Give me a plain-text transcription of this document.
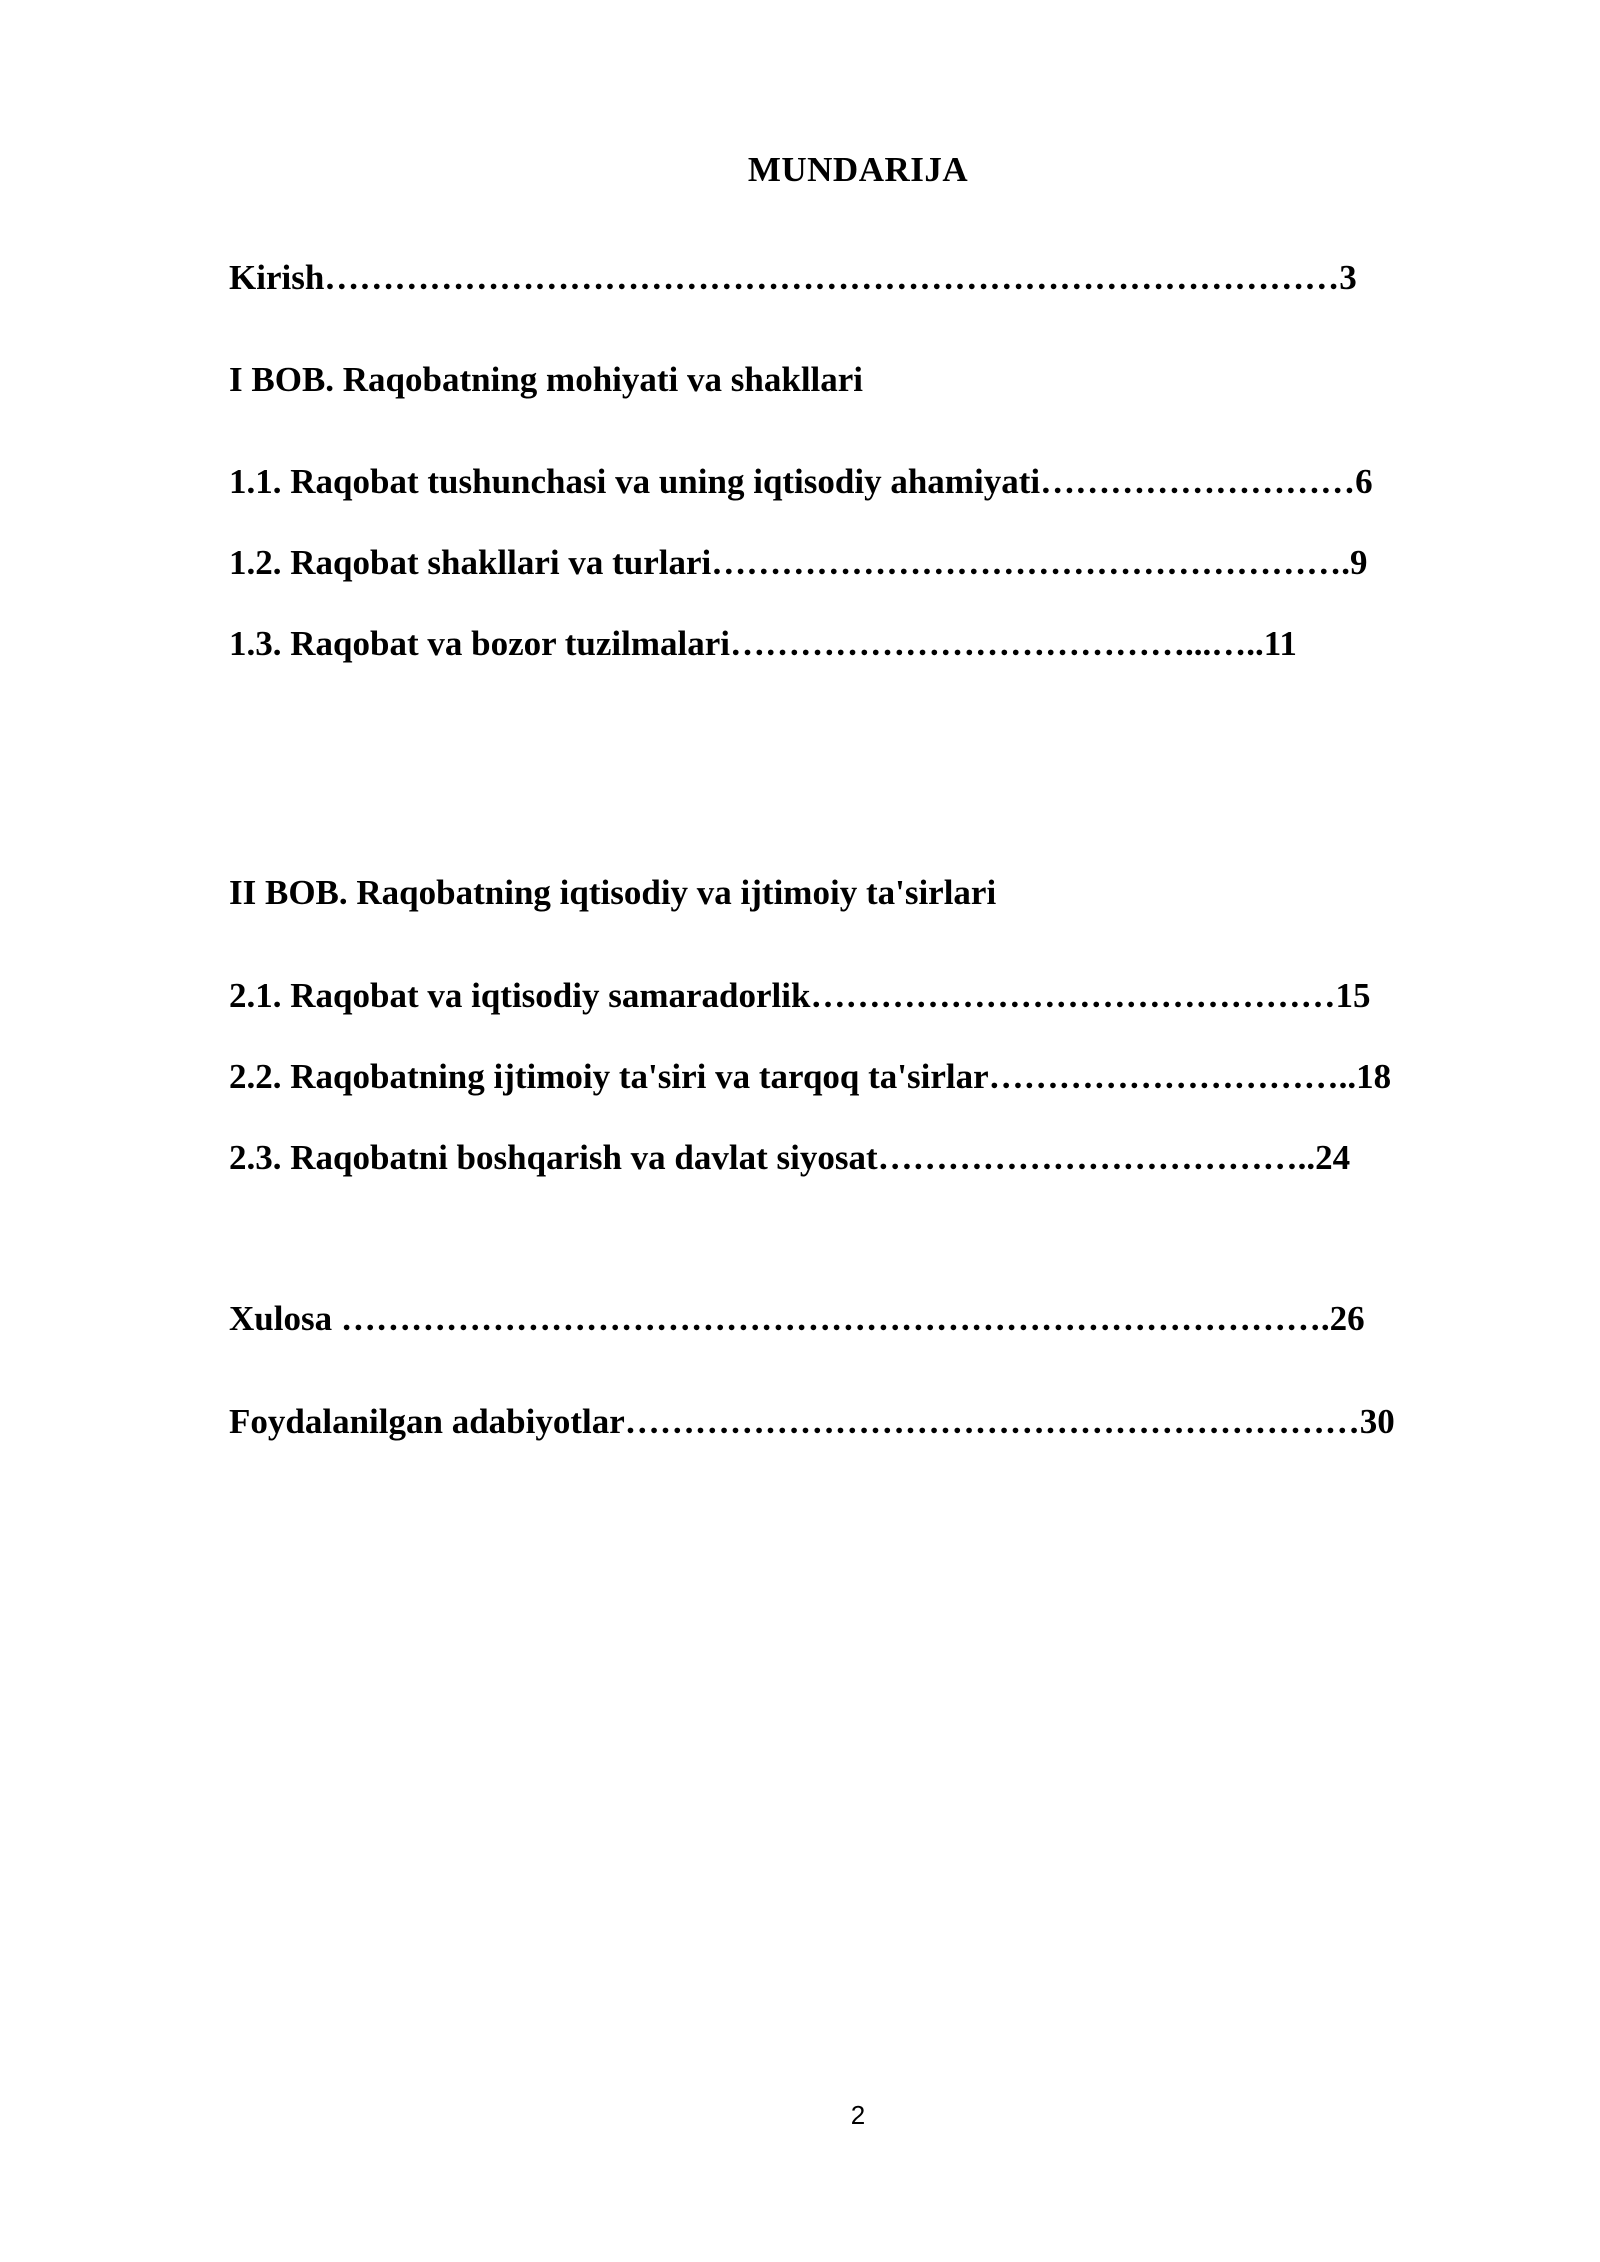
MUNDARIJA
Kirish……………………………………………………………………………3
I BOB. Raqobatning mohiyati va shakllari
1.1. Raqobat tushunchasi va uning iqtisodiy ahamiyati………………………6
1.2. Raqobat shakllari va turlari……………………………………………….9
1.3. Raqobat va bozor tuzilmalari…………………………………...…..11
II BOB. Raqobatning iqtisodiy va ijtimoiy ta'sirlari
2.1. Raqobat va iqtisodiy samaradorlik………………………………………15
2.2. Raqobatning ijtimoiy ta'siri va tarqoq ta'sirlar…………………………..18
2.3. Raqobatni boshqarish va davlat siyosat………………………………..24
Xulosa ………………………………………………………………………….26
Foydalanilgan adabiyotlar………………………………………………………30
2
